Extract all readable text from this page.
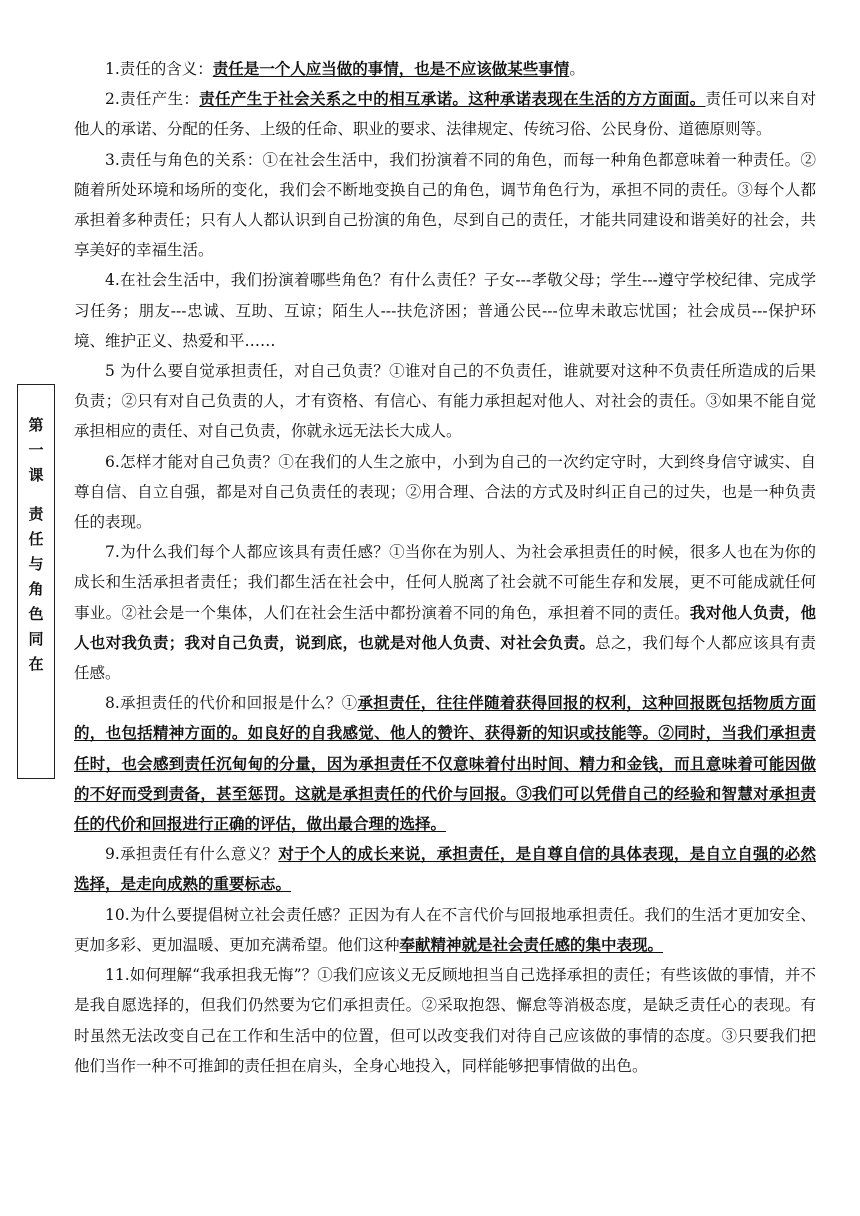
第
一
课
责
任
与
角
色
同
在

1.责任的含义：责任是一个人应当做的事情，也是不应该做某些事情。

2.责任产生：责任产生于社会关系之中的相互承诺。这种承诺表现在生活的方方面面。责任可以来自对他人的承诺、分配的任务、上级的任命、职业的要求、法律规定、传统习俗、公民身份、道德原则等。

3.责任与角色的关系：①在社会生活中，我们扮演着不同的角色，而每一种角色都意味着一种责任。②随着所处环境和场所的变化，我们会不断地变换自己的角色，调节角色行为，承担不同的责任。③每个人都承担着多种责任；只有人人都认识到自己扮演的角色，尽到自己的责任，才能共同建设和谐美好的社会，共享美好的幸福生活。

4.在社会生活中，我们扮演着哪些角色？有什么责任？子女---孝敬父母；学生---遵守学校纪律、完成学习任务；朋友---忠诚、互助、互谅；陌生人---扶危济困；普通公民---位卑未敢忘忧国；社会成员---保护环境、维护正义、热爱和平……

5 为什么要自觉承担责任，对自己负责？①谁对自己的不负责任，谁就要对这种不负责任所造成的后果负责；②只有对自己负责的人，才有资格、有信心、有能力承担起对他人、对社会的责任。③如果不能自觉承担相应的责任、对自己负责，你就永远无法长大成人。

6.怎样才能对自己负责？①在我们的人生之旅中，小到为自己的一次约定守时，大到终身信守诚实、自尊自信、自立自强，都是对自己负责任的表现；②用合理、合法的方式及时纠正自己的过失，也是一种负责任的表现。

7.为什么我们每个人都应该具有责任感？①当你在为别人、为社会承担责任的时候，很多人也在为你的成长和生活承担者责任；我们都生活在社会中，任何人脱离了社会就不可能生存和发展，更不可能成就任何事业。②社会是一个集体，人们在社会生活中都扮演着不同的角色，承担着不同的责任。我对他人负责，他人也对我负责；我对自己负责，说到底，也就是对他人负责、对社会负责。总之，我们每个人都应该具有责任感。

8.承担责任的代价和回报是什么？①承担责任，往往伴随着获得回报的权利，这种回报既包括物质方面的，也包括精神方面的。如良好的自我感觉、他人的赞许、获得新的知识或技能等。②同时，当我们承担责任时，也会感到责任沉甸甸的分量，因为承担责任不仅意味着付出时间、精力和金钱，而且意味着可能因做的不好而受到责备，甚至惩罚。这就是承担责任的代价与回报。③我们可以凭借自己的经验和智慧对承担责任的代价和回报进行正确的评估，做出最合理的选择。

9.承担责任有什么意义？对于个人的成长来说，承担责任，是自尊自信的具体表现，是自立自强的必然选择，是走向成熟的重要标志。

10.为什么要提倡树立社会责任感？正因为有人在不言代价与回报地承担责任。我们的生活才更加安全、更加多彩、更加温暖、更加充满希望。他们这种奉献精神就是社会责任感的集中表现。

11.如何理解“我承担我无悔”？①我们应该义无反顾地担当自己选择承担的责任；有些该做的事情，并不是我自愿选择的，但我们仍然要为它们承担责任。②采取抱怨、懈怠等消极态度，是缺乏责任心的表现。有时虽然无法改变自己在工作和生活中的位置，但可以改变我们对待自己应该做的事情的态度。③只要我们把他们当作一种不可推卸的责任担在肩头，全身心地投入，同样能够把事情做的出色。
